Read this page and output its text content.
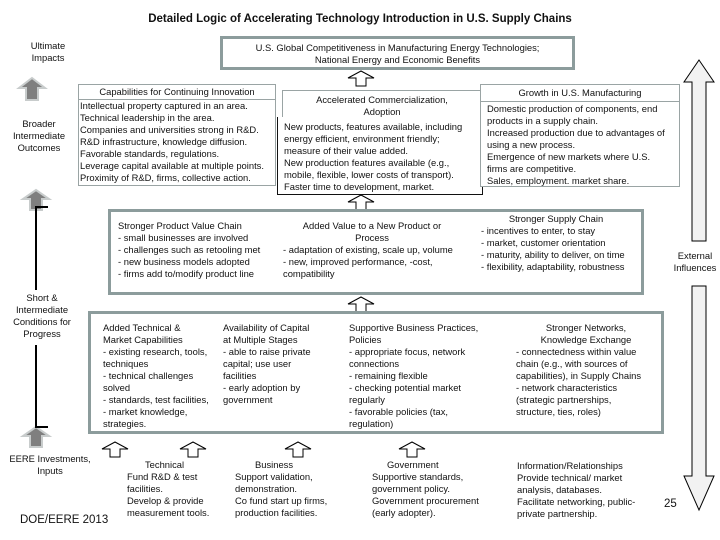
Detailed Logic of Accelerating Technology Introduction in U.S. Supply Chains
Ultimate
Impacts
Broader
Intermediate
Outcomes
Short &
Intermediate
Conditions for
Progress
EERE Investments,
Inputs
DOE/EERE 2013
U.S. Global Competitiveness in Manufacturing Energy Technologies;
National Energy and Economic Benefits
Capabilities for Continuing Innovation
Intellectual property captured in an area.
Technical leadership in the area.
Companies and universities strong in R&D.
R&D infrastructure, knowledge diffusion.
Favorable standards, regulations.
Leverage capital available at multiple points.
Proximity of R&D, firms, collective action.
Accelerated Commercialization,
Adoption
New products, features available, including
energy efficient, environment friendly;
measure of their value added.
New production features available (e.g.,
mobile, flexible, lower costs of transport).
Faster time to development, market.
Growth in U.S. Manufacturing
Domestic production of components, end
products in a supply chain.
Increased production due to advantages of
using a new process.
Emergence of new markets where U.S.
firms are competitive.
Sales, employment. market share.
Stronger Product Value Chain
- small businesses are involved
- challenges such as retooling met
- new business models adopted
- firms add to/modify product line
Added Value to a New Product or
Process
- adaptation of existing, scale up, volume
- new, improved performance, -cost,
compatibility
Stronger Supply Chain
- incentives to enter, to stay
- market, customer orientation
- maturity, ability to deliver, on time
- flexibility, adaptability, robustness
Added Technical &
Market Capabilities
- existing research, tools,
techniques
- technical challenges
solved
- standards, test facilities,
- market knowledge,
strategies.
Availability of Capital
at Multiple Stages
- able to raise private
capital; use user
facilities
- early adoption by
government
Supportive Business Practices,
Policies
- appropriate focus, network
connections
- remaining flexible
- checking potential market
regularly
- favorable policies (tax,
regulation)
Stronger Networks,
Knowledge Exchange
- connectedness within value
chain (e.g., with sources of
capabilities), in Supply Chains
- network characteristics
(strategic partnerships,
structure, ties, roles)
Technical
Fund R&D & test
facilities.
Develop & provide
measurement tools.
Business
Support validation,
demonstration.
Co fund start up firms,
production facilities.
Government
Supportive standards,
government policy.
Government procurement
(early adopter).
Information/Relationships
Provide technical/ market
analysis, databases.
Facilitate networking, public-
private partnership.
External
Influences
25
